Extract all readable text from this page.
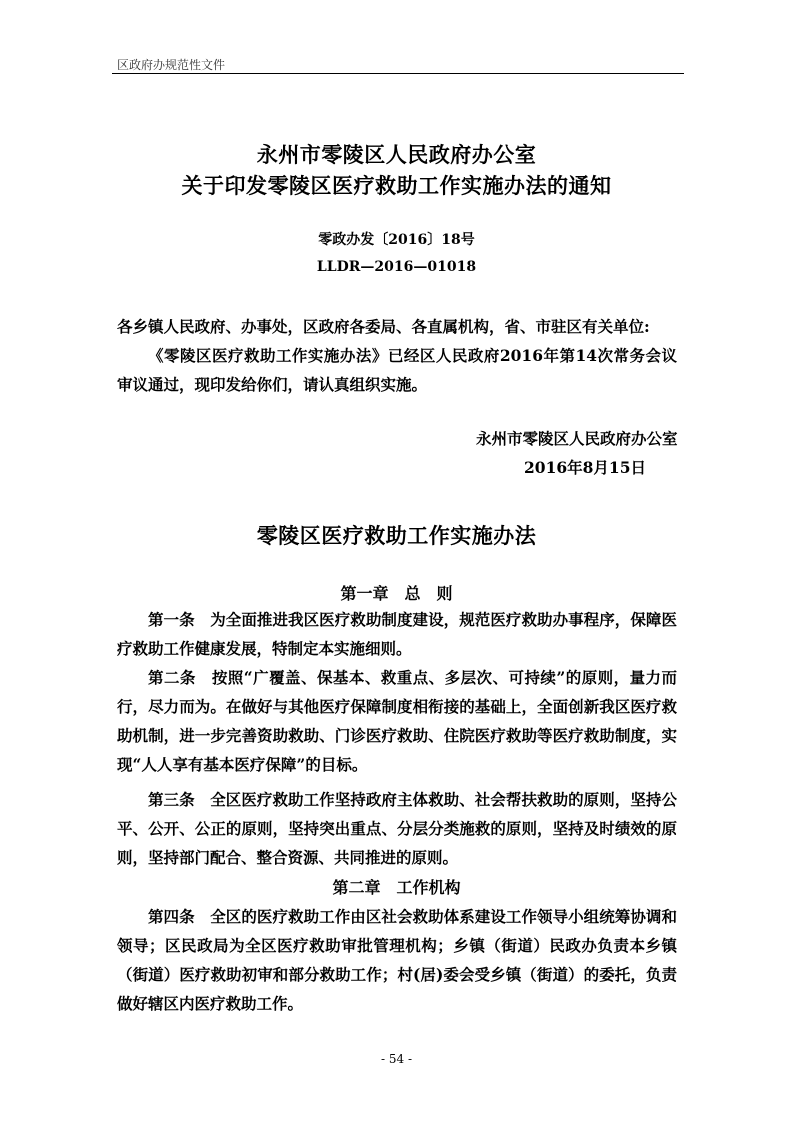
区政府办规范性文件
永州市零陵区人民政府办公室
关于印发零陵区医疗救助工作实施办法的通知
零政办发〔2016〕18号
LLDR—2016—01018
各乡镇人民政府、办事处，区政府各委局、各直属机构，省、市驻区有关单位:
《零陵区医疗救助工作实施办法》已经区人民政府2016年第14次常务会议审议通过，现印发给你们，请认真组织实施。
永州市零陵区人民政府办公室
2016年8月15日
零陵区医疗救助工作实施办法
第一章　总　则
第一条　为全面推进我区医疗救助制度建设，规范医疗救助办事程序，保障医疗救助工作健康发展，特制定本实施细则。
第二条　按照“广覆盖、保基本、救重点、多层次、可持续”的原则，量力而行，尽力而为。在做好与其他医疗保障制度相衔接的基础上，全面创新我区医疗救助机制，进一步完善资助救助、门诊医疗救助、住院医疗救助等医疗救助制度，实现“人人享有基本医疗保障”的目标。
第三条　全区医疗救助工作坚持政府主体救助、社会帮扶救助的原则，坚持公平、公开、公正的原则，坚持突出重点、分层分类施救的原则，坚持及时绩效的原则，坚持部门配合、整合资源、共同推进的原则。
第二章　工作机构
第四条　全区的医疗救助工作由区社会救助体系建设工作领导小组统筹协调和领导；区民政局为全区医疗救助审批管理机构；乡镇（街道）民政办负责本乡镇（街道）医疗救助初审和部分救助工作；村(居)委会受乡镇（街道）的委托，负责做好辖区内医疗救助工作。
- 54 -
